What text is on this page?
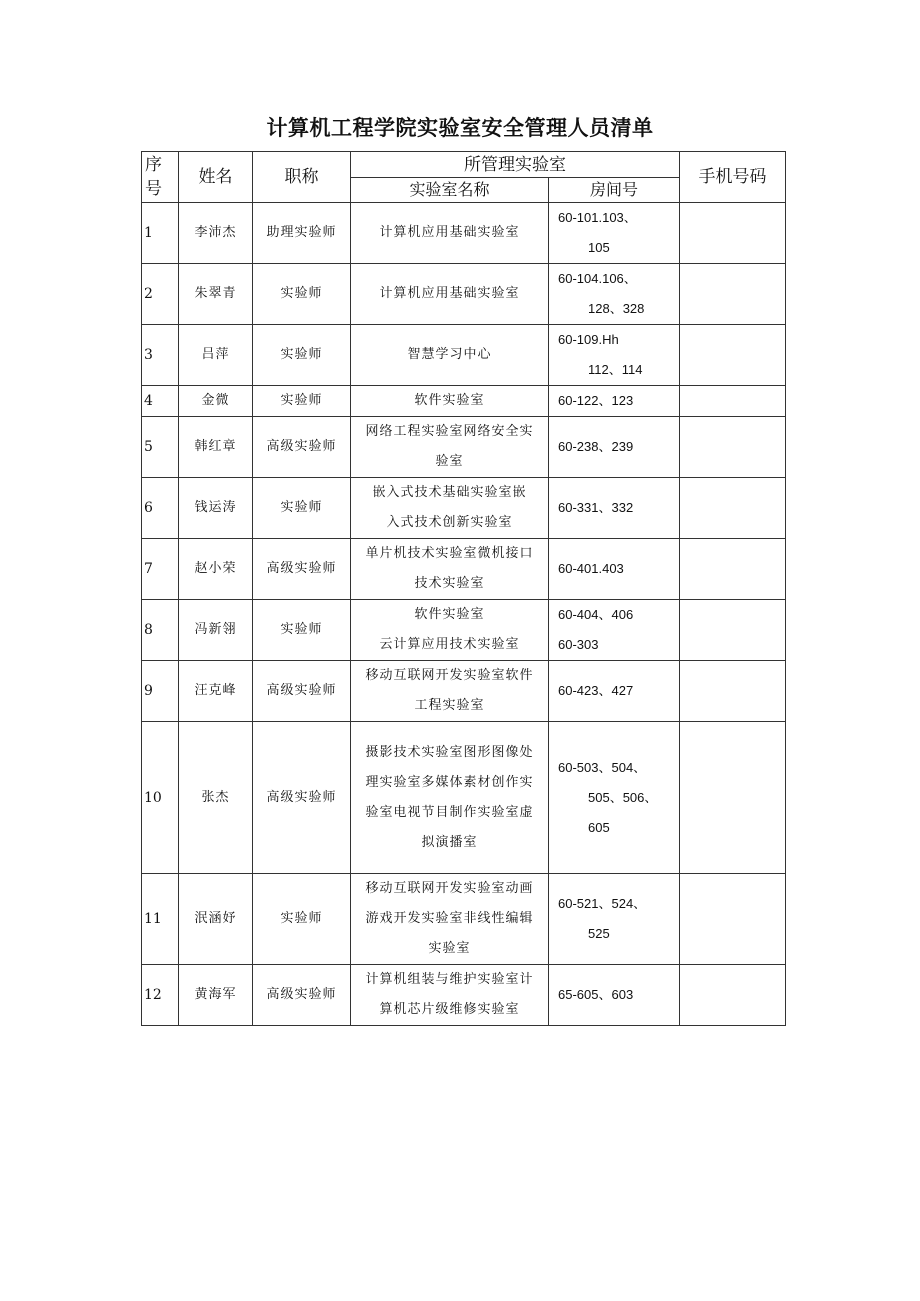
计算机工程学院实验室安全管理人员清单
序号	姓名	职称	所管理实验室		手机号码
			实验室名称	房间号	
1	李沛杰	助理实验师	计算机应用基础实验室	60-101.103、
105	

2	朱翠青	实验师	计算机应用基础实验室	60-104.106、
128、328	

3	吕萍	实验师	智慧学习中心	60-109.Hh
112、114	

4	金微	实验师	软件实验室	60-122、123	

5	韩红章	高级实验师	网络工程实验室网络安全实
验室	60-238、239	

6	钱运涛	实验师	嵌入式技术基础实验室嵌
入式技术创新实验室	60-331、332	

7	赵小荣	高级实验师	单片机技术实验室微机接口
技术实验室	60-401.403	

8	冯新翎	实验师	软件实验室
云计算应用技术实验室	60-404、406
60-303	

9	汪克峰	高级实验师	移动互联网开发实验室软件
工程实验室	60-423、427	

10	张杰	高级实验师	摄影技术实验室图形图像处
理实验室多媒体素材创作实
验室电视节目制作实验室虚
拟演播室	60-503、504、
505、506、605	

11	泯涵妤	实验师	移动互联网开发实验室动画
游戏开发实验室非线性编辑
实验室	60-521、524、
525	

12	黄海军	高级实验师	计算机组装与维护实验室计
算机芯片级维修实验室	65-605、603	
